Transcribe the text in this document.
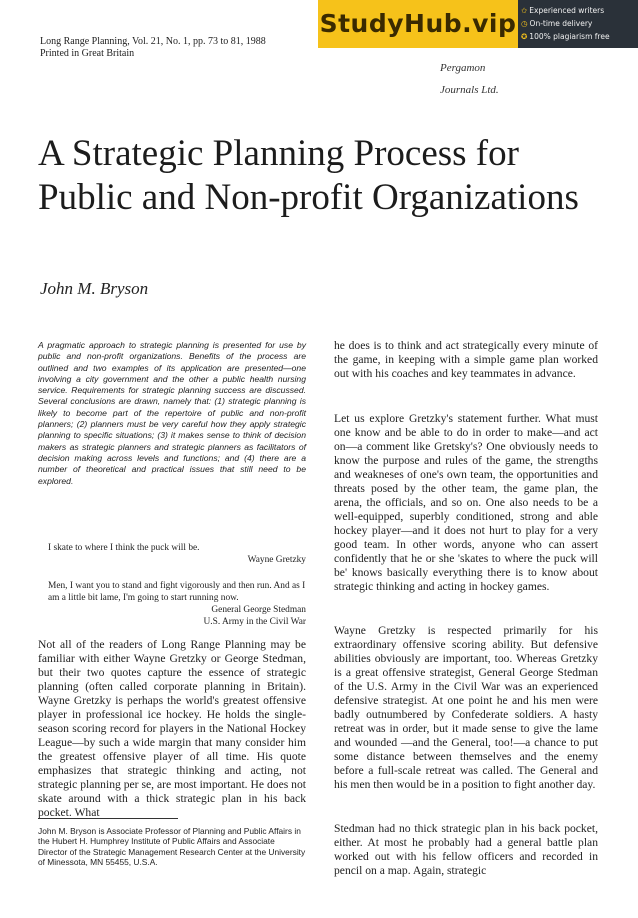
Long Range Planning, Vol. 21, No. 1, pp. 73 to 81, 1988
Printed in Great Britain
Pergamon Journals Ltd.
StudyHub.vip ✩ Experienced writers
◷ On-time delivery
✪ 100% plagiarism free
A Strategic Planning Process for Public and Non-profit Organizations
John M. Bryson

A pragmatic approach to strategic planning is presented for use by public and non-profit organizations. Benefits of the process are outlined and two examples of its application are presented—one involving a city government and the other a public health nursing service. Requirements for strategic planning success are discussed. Several conclusions are drawn, namely that: (1) strategic planning is likely to become part of the repertoire of public and non-profit planners; (2) planners must be very careful how they apply strategic planning to specific situations; (3) it makes sense to think of decision makers as strategic planners and strategic planners as facilitators of decision making across levels and functions; and (4) there are a number of theoretical and practical issues that still need to be explored.

I skate to where I think the puck will be.
Wayne Gretzky
Men, I want you to stand and fight vigorously and then run. And as I am a little bit lame, I'm going to start running now.
General George Stedman
U.S. Army in the Civil War

Not all of the readers of Long Range Planning may be familiar with either Wayne Gretzky or George Stedman, but their two quotes capture the essence of strategic planning (often called corporate planning in Britain). Wayne Gretzky is perhaps the world's greatest offensive player in professional ice hockey. He holds the single-season scoring record for players in the National Hockey League—by such a wide margin that many consider him the greatest offensive player of all time. His quote emphasizes that strategic thinking and acting, not strategic planning per se, are most important. He does not skate around with a thick strategic plan in his back pocket. What

John M. Bryson is Associate Professor of Planning and Public Affairs in the Hubert H. Humphrey Institute of Public Affairs and Associate Director of the Strategic Management Research Center at the University of Minessota, MN 55455, U.S.A.

he does is to think and act strategically every minute of the game, in keeping with a simple game plan worked out with his coaches and key teammates in advance.

Let us explore Gretzky's statement further. What must one know and be able to do in order to make—and act on—a comment like Gretsky's? One obviously needs to know the purpose and rules of the game, the strengths and weakneses of one's own team, the opportunities and threats posed by the other team, the game plan, the arena, the officials, and so on. One also needs to be a well-equipped, superbly conditioned, strong and able hockey player—and it does not hurt to play for a very good team. In other words, anyone who can assert confidently that he or she 'skates to where the puck will be' knows basically everything there is to know about strategic thinking and acting in hockey games.

Wayne Gretzky is respected primarily for his extraordinary offensive scoring ability. But defensive abilities obviously are important, too. Whereas Gretzky is a great offensive strategist, General George Stedman of the U.S. Army in the Civil War was an experienced defensive strategist. At one point he and his men were badly outnumbered by Confederate soldiers. A hasty retreat was in order, but it made sense to give the lame and wounded —and the General, too!—a chance to put some distance between themselves and the enemy before a full-scale retreat was called. The General and his men then would be in a position to fight another day.

Stedman had no thick strategic plan in his back pocket, either. At most he probably had a general battle plan worked out with his fellow officers and recorded in pencil on a map. Again, strategic
